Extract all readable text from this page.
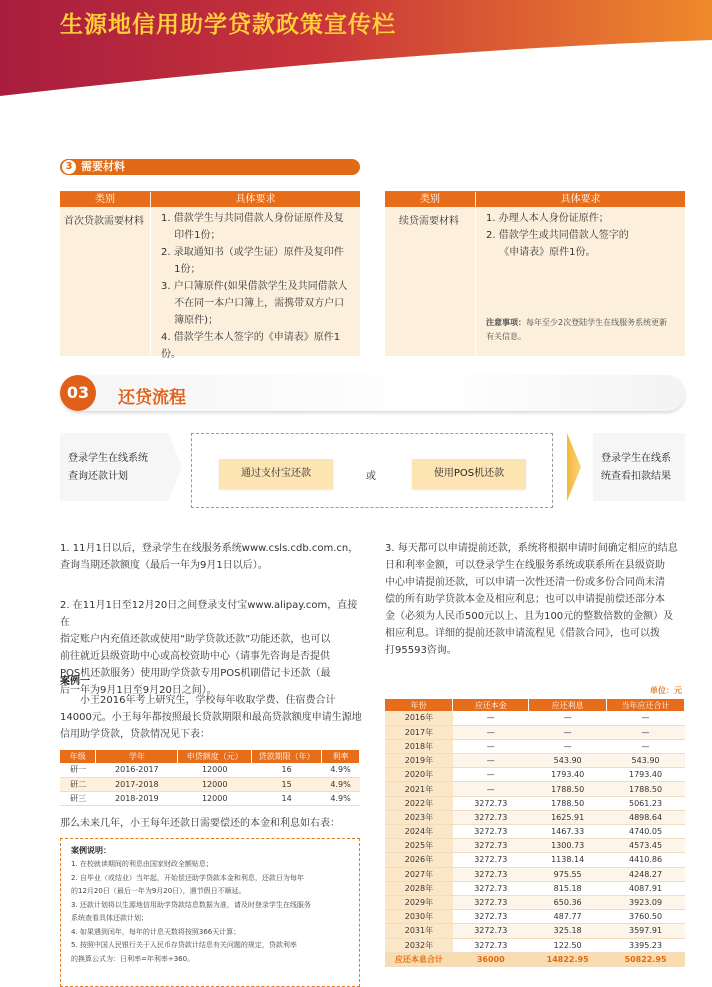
生源地信用助学贷款政策宣传栏
3 需要材料
类别	具体要求
首次贷款需要材料 1. 借款学生与共同借款人身份证原件及复
　 印件1份；
2. 录取通知书（或学生证）原件及复印件
　 1份；
3. 户口簿原件(如果借款学生及共同借款人
　 不在同一本户口簿上，需携带双方户口
　 簿原件)；
4. 借款学生本人签字的《申请表》原件1份。
类别	具体要求
续贷需要材料	1. 办理人本人身份证原件；
2. 借款学生或共同借款人签字的
　 《申请表》原件1份。
注意事项：每年至少2次登陆学生在线服务系统更新
有关信息。
03	还贷流程
登录学生在线系统
查询还款计划	通过支付宝还款	或	使用POS机还款
登录学生在线系
统查看扣款结果

1. 11月1日以后，登录学生在线服务系统www.csls.cdb.com.cn，
查询当期还款额度（最后一年为9月1日以后）。

2. 在11月1日至12月20日之间登录支付宝www.alipay.com，直接在
指定账户内充值还款或使用“助学贷款还款”功能还款，也可以
前往就近县级资助中心或高校资助中心（请事先咨询是否提供
POS机还款服务）使用助学贷款专用POS机刷借记卡还款（最
后一年为9月1日至9月20日之间）。

3. 每天都可以申请提前还款，系统将根据申请时间确定相应的结息
日和利率金额，可以登录学生在线服务系统或联系所在县级资助
中心申请提前还款，可以申请一次性还清一份或多份合同尚未清
偿的所有助学贷款本金及相应利息；也可以申请提前偿还部分本
金（必须为人民币500元以上、且为100元的整数倍数的金额）及
相应利息。详细的提前还款申请流程见《借款合同》，也可以拨
打95593咨询。

案例一
小王2016年考上研究生，学校每年收取学费、住宿费合计14000元。小王每年都按照最长贷款期限和最高贷款额度申请生源地信用助学贷款，贷款情况见下表：
年级	学年	申贷额度（元）	贷款期限（年）	利率
研一	2016-2017	12000	16	4.9%
研二	2017-2018	12000	15	4.9%
研三	2018-2019	12000	14	4.9%
那么未来几年，小王每年还款日需要偿还的本金和利息如右表：
案例说明：
1. 在校就读期间的利息由国家财政全额贴息；
2. 自毕业（或结业）当年起，开始偿还助学贷款本金和利息，还款日为每年
的12月20日（最后一年为9月20日），遇节假日不顺延。
3. 还款计划将以生源地信用助学贷款结息数据为准，请及时登录学生在线服务
系统查看具体还款计划；
4. 如果遇到闰年，每年的计息天数将按照366天计算；
5. 按照中国人民银行关于人民币存贷款计结息有关问题的规定，贷款利率
的换算公式为：日利率=年利率÷360。
单位：元
年份	应还本金	应还利息	当年应还合计
2016年	—	—	—
2017年	—	—	—
2018年	—	—	—
2019年	—	543.90	543.90
2020年	—	1793.40	1793.40
2021年	—	1788.50	1788.50
2022年	3272.73	1788.50	5061.23
2023年	3272.73	1625.91	4898.64
2024年	3272.73	1467.33	4740.05
2025年	3272.73	1300.73	4573.45
2026年	3272.73	1138.14	4410.86
2027年	3272.73	975.55	4248.27
2028年	3272.73	815.18	4087.91
2029年	3272.73	650.36	3923.09
2030年	3272.73	487.77	3760.50
2031年	3272.73	325.18	3597.91
2032年	3272.73	122.50	3395.23
应还本息合计	36000	14822.95	50822.95
